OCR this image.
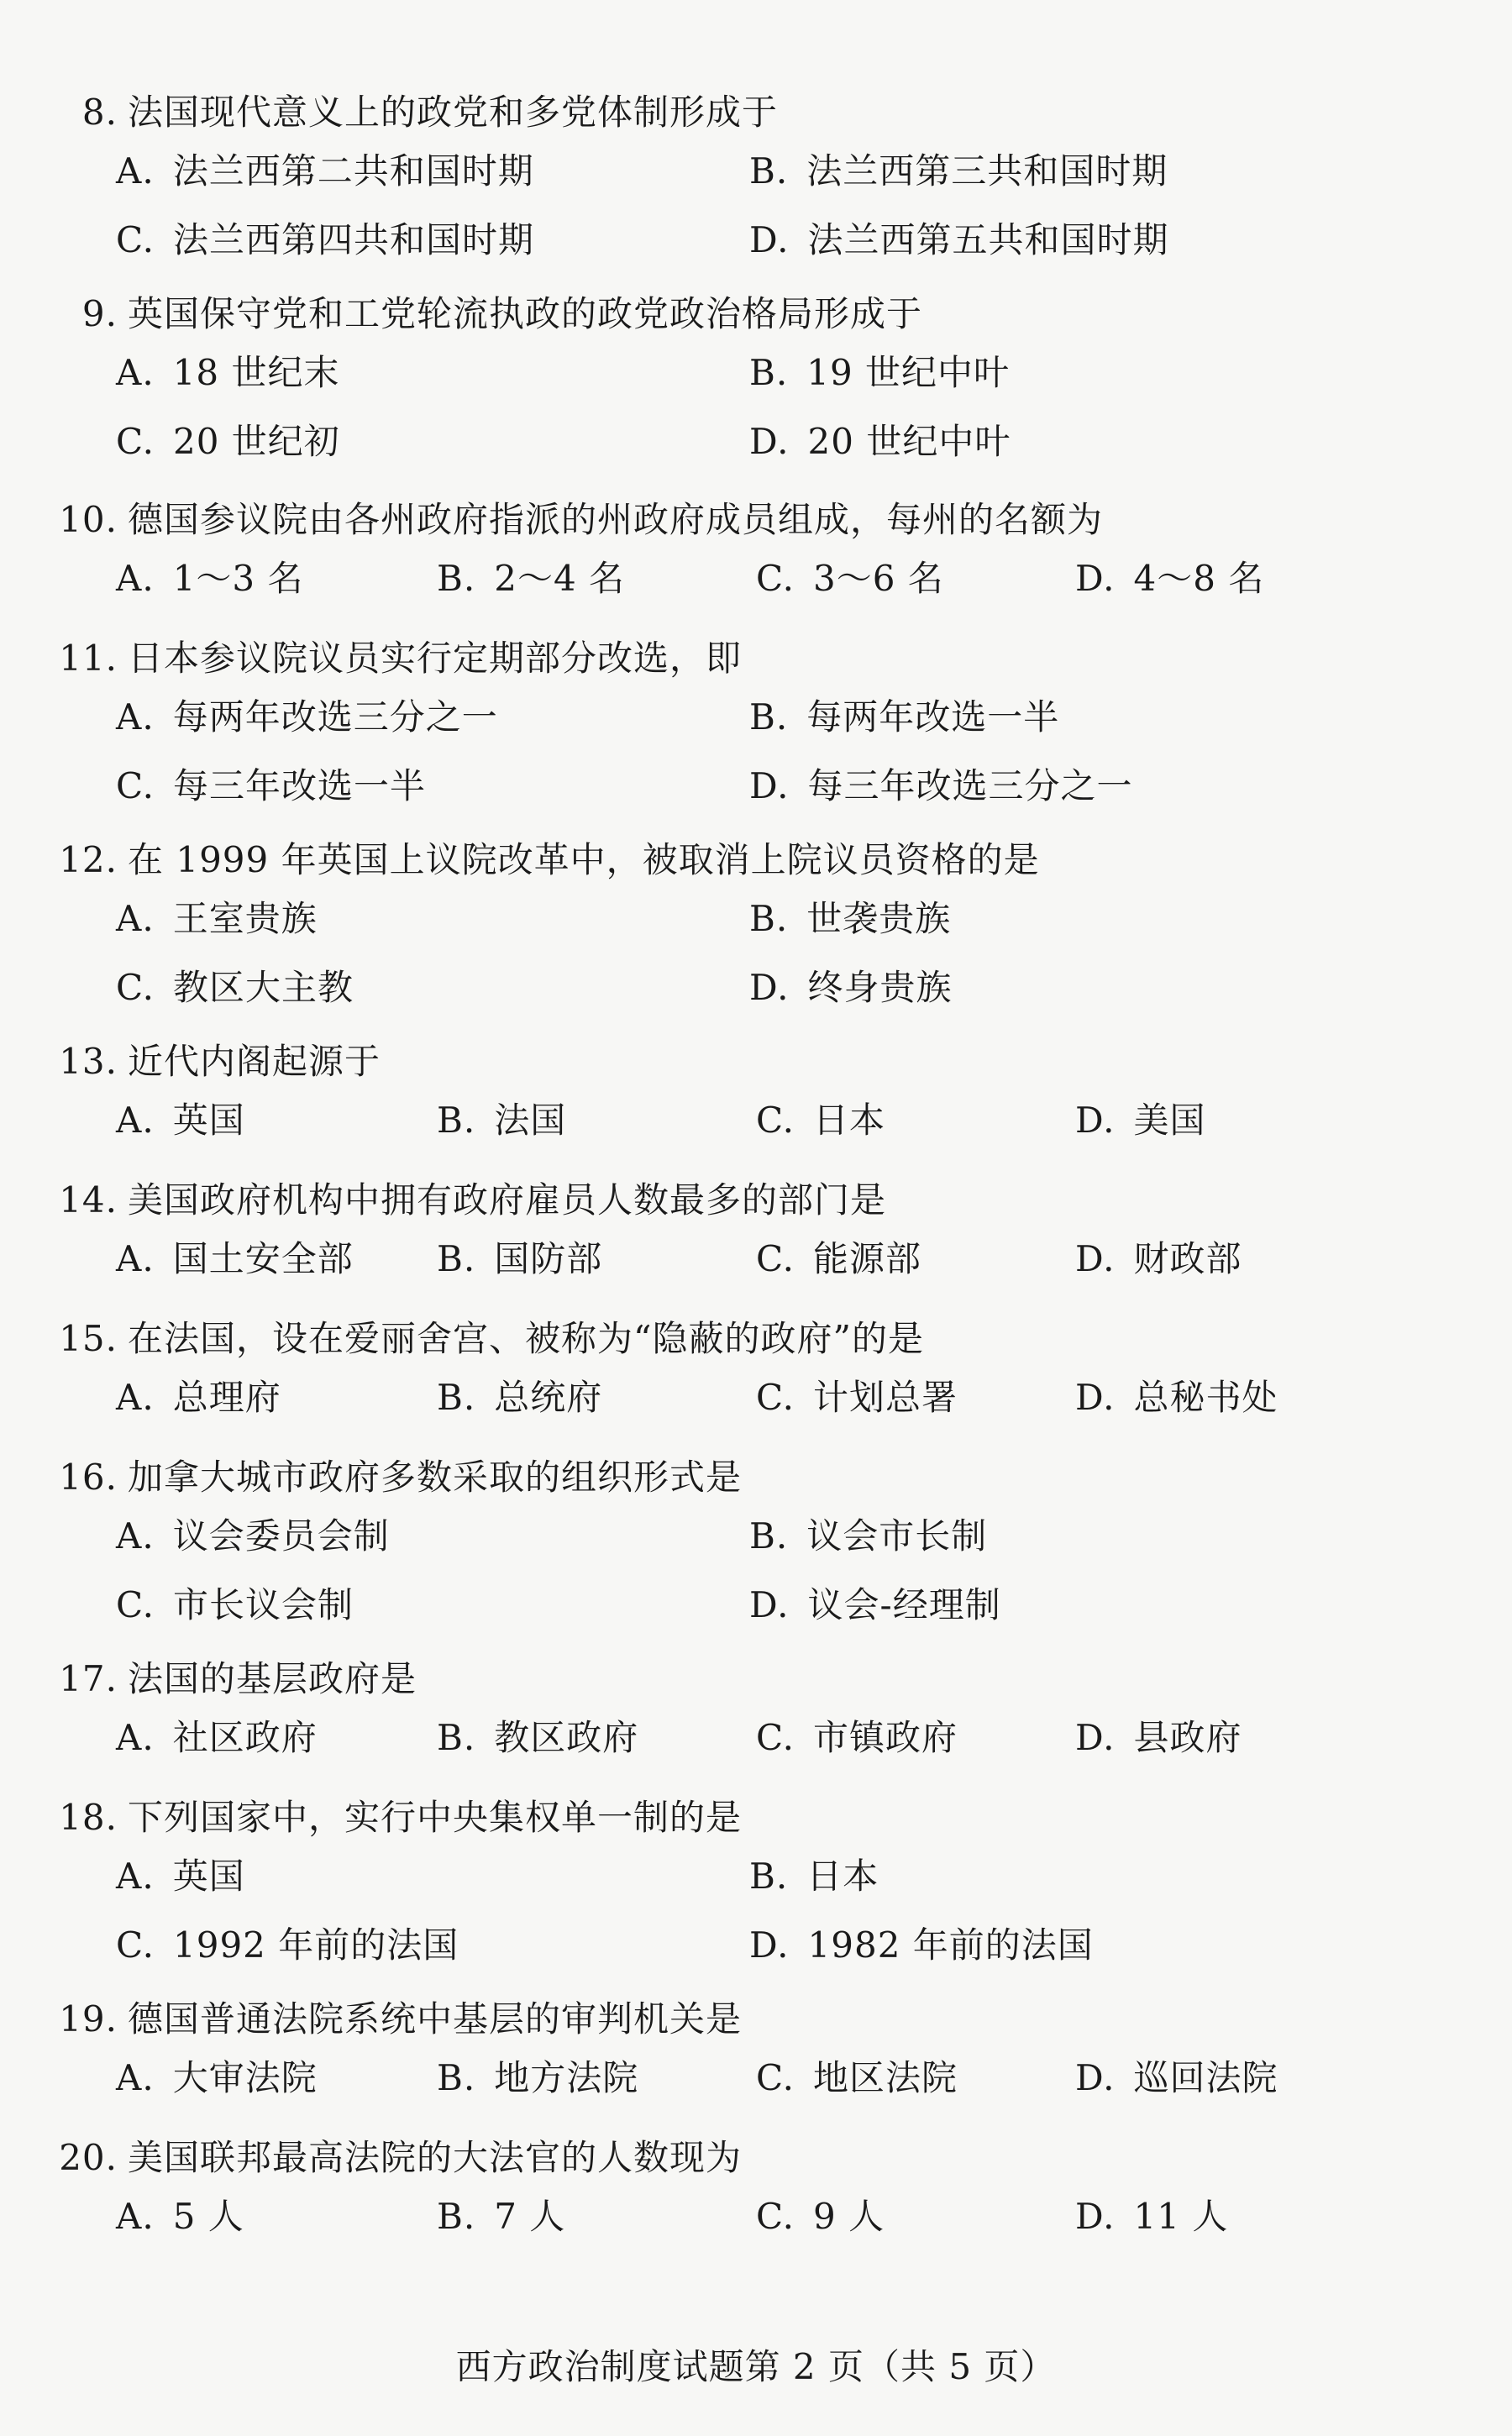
8. 法国现代意义上的政党和多党体制形成于
A. 法兰西第二共和国时期	B. 法兰西第三共和国时期
C. 法兰西第四共和国时期	D. 法兰西第五共和国时期
9. 英国保守党和工党轮流执政的政党政治格局形成于
A. 18 世纪末	B. 19 世纪中叶
C. 20 世纪初	D. 20 世纪中叶
10. 德国参议院由各州政府指派的州政府成员组成，每州的名额为
A. 1～3 名	B. 2～4 名	C. 3～6 名	D. 4～8 名
11. 日本参议院议员实行定期部分改选，即
A. 每两年改选三分之一	B. 每两年改选一半
C. 每三年改选一半	D. 每三年改选三分之一
12. 在 1999 年英国上议院改革中，被取消上院议员资格的是
A. 王室贵族	B. 世袭贵族
C. 教区大主教	D. 终身贵族
13. 近代内阁起源于
A. 英国	B. 法国	C. 日本	D. 美国
14. 美国政府机构中拥有政府雇员人数最多的部门是
A. 国土安全部 B. 国防部	C. 能源部	D. 财政部
15. 在法国，设在爱丽舍宫、被称为“隐蔽的政府”的是
A. 总理府	B. 总统府	C. 计划总署	D. 总秘书处
16. 加拿大城市政府多数采取的组织形式是
A. 议会委员会制	B. 议会市长制
C. 市长议会制	D. 议会-经理制
17. 法国的基层政府是
A. 社区政府	B. 教区政府	C. 市镇政府	D. 县政府
18. 下列国家中，实行中央集权单一制的是
A. 英国	B. 日本
C. 1992 年前的法国	D. 1982 年前的法国
19. 德国普通法院系统中基层的审判机关是
A. 大审法院	B. 地方法院	C. 地区法院	D. 巡回法院
20. 美国联邦最高法院的大法官的人数现为
A. 5 人	B. 7 人	C. 9 人	D. 11 人
西方政治制度试题第 2 页（共 5 页）
